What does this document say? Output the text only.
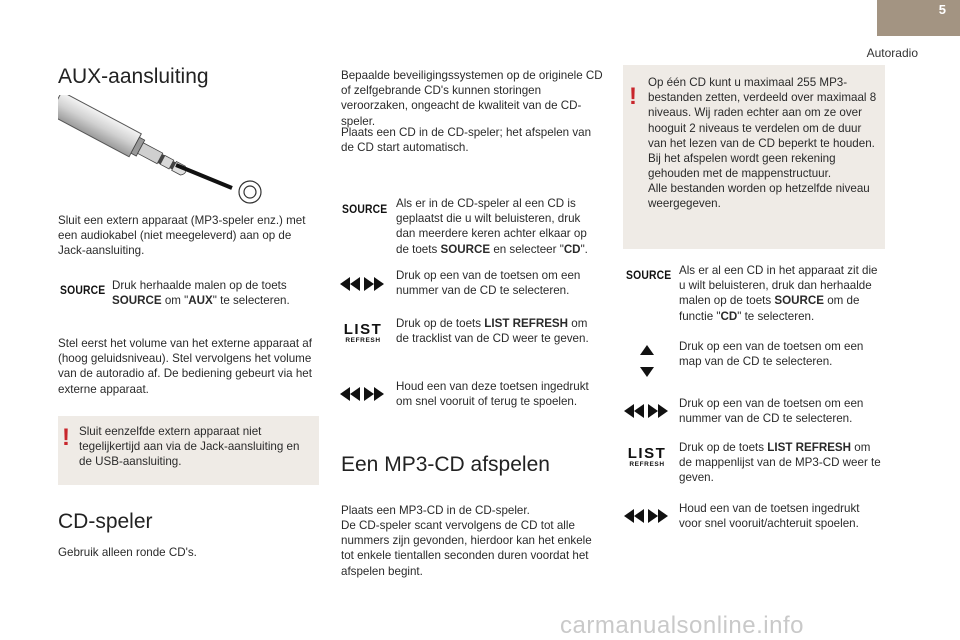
5
Autoradio
AUX-aansluiting

Sluit een extern apparaat (MP3-speler enz.) met een audiokabel (niet meegeleverd) aan op de Jack-aansluiting.

SOURCE Druk herhaalde malen op de toets SOURCE om "AUX" te selecteren.

Stel eerst het volume van het externe apparaat af (hoog geluidsniveau). Stel vervolgens het volume van de autoradio af. De bediening gebeurt via het externe apparaat.

! Sluit eenzelfde extern apparaat niet tegelijkertijd aan via de Jack-aansluiting en de USB-aansluiting.

CD-speler

Gebruik alleen ronde CD's.

Bepaalde beveiligingssystemen op de originele CD of zelfgebrande CD's kunnen storingen veroorzaken, ongeacht de kwaliteit van de CD-speler.

Plaats een CD in de CD-speler; het afspelen van de CD start automatisch.

SOURCE Als er in de CD-speler al een CD is geplaatst die u wilt beluisteren, druk dan meerdere keren achter elkaar op de toets SOURCE en selecteer "CD".

Druk op een van de toetsen om een nummer van de CD te selecteren.

LIST
REFRESH

Druk op de toets LIST REFRESH om de tracklist van de CD weer te geven.

Houd een van deze toetsen ingedrukt om snel vooruit of terug te spoelen.

Een MP3-CD afspelen

Plaats een MP3-CD in de CD-speler.

De CD-speler scant vervolgens de CD tot alle nummers zijn gevonden, hierdoor kan het enkele tot enkele tientallen seconden duren voordat het afspelen begint.

!

Op één CD kunt u maximaal 255 MP3-bestanden zetten, verdeeld over maximaal 8 niveaus. Wij raden echter aan om ze over hooguit 2 niveaus te verdelen om de duur van het lezen van de CD beperkt te houden.

Bij het afspelen wordt geen rekening gehouden met de mappenstructuur.

Alle bestanden worden op hetzelfde niveau weergegeven.

SOURCE Als er al een CD in het apparaat zit die u wilt beluisteren, druk dan herhaalde malen op de toets SOURCE om de functie "CD" te selecteren.

Druk op een van de toetsen om een map van de CD te selecteren.

Druk op een van de toetsen om een nummer van de CD te selecteren.

LIST
REFRESH

Druk op de toets LIST REFRESH om de mappenlijst van de MP3-CD weer te geven.

Houd een van de toetsen ingedrukt voor snel vooruit/achteruit spoelen.

carmanualsonline.info
